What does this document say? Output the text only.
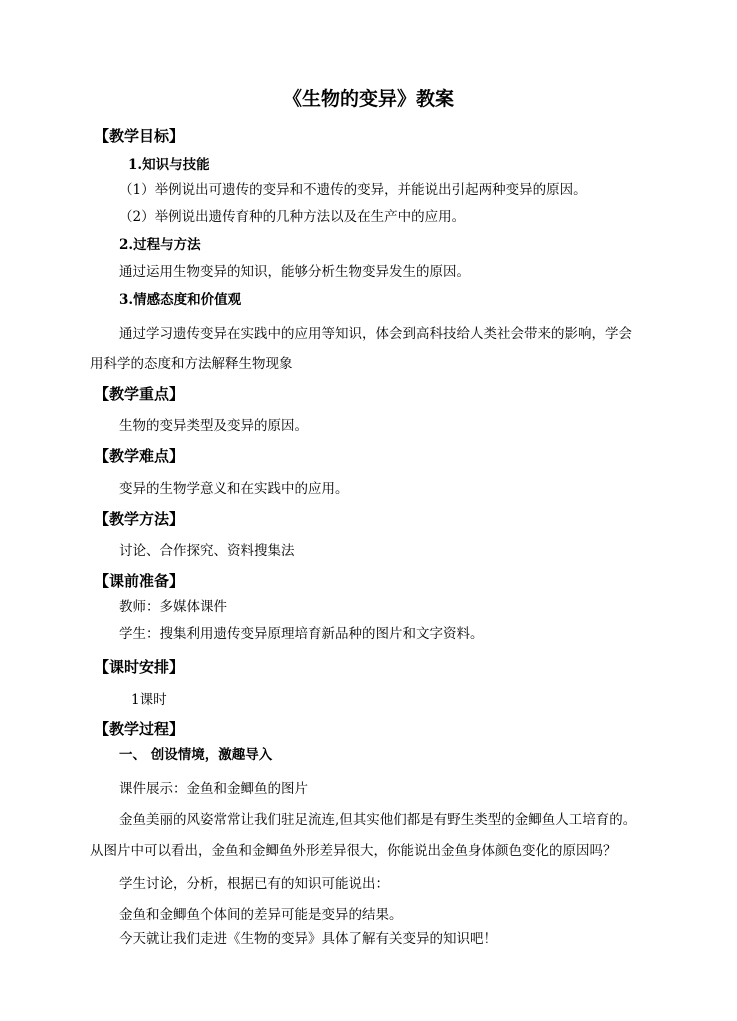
《生物的变异》教案
【教学目标】
1.知识与技能
（1）举例说出可遗传的变异和不遗传的变异，并能说出引起两种变异的原因。
（2）举例说出遗传育种的几种方法以及在生产中的应用。
2.过程与方法
通过运用生物变异的知识，能够分析生物变异发生的原因。
3.情感态度和价值观
通过学习遗传变异在实践中的应用等知识，体会到高科技给人类社会带来的影响，学会
用科学的态度和方法解释生物现象
【教学重点】
生物的变异类型及变异的原因。
【教学难点】
变异的生物学意义和在实践中的应用。
【教学方法】
讨论、合作探究、资料搜集法
【课前准备】
教师：多媒体课件
学生：搜集利用遗传变异原理培育新品种的图片和文字资料。
【课时安排】
1课时
【教学过程】
一、 创设情境，激趣导入
课件展示：金鱼和金鲫鱼的图片
金鱼美丽的风姿常常让我们驻足流连,但其实他们都是有野生类型的金鲫鱼人工培育的。
从图片中可以看出，金鱼和金鲫鱼外形差异很大，你能说出金鱼身体颜色变化的原因吗？
学生讨论，分析，根据已有的知识可能说出：
金鱼和金鲫鱼个体间的差异可能是变异的结果。
今天就让我们走进《生物的变异》具体了解有关变异的知识吧！
